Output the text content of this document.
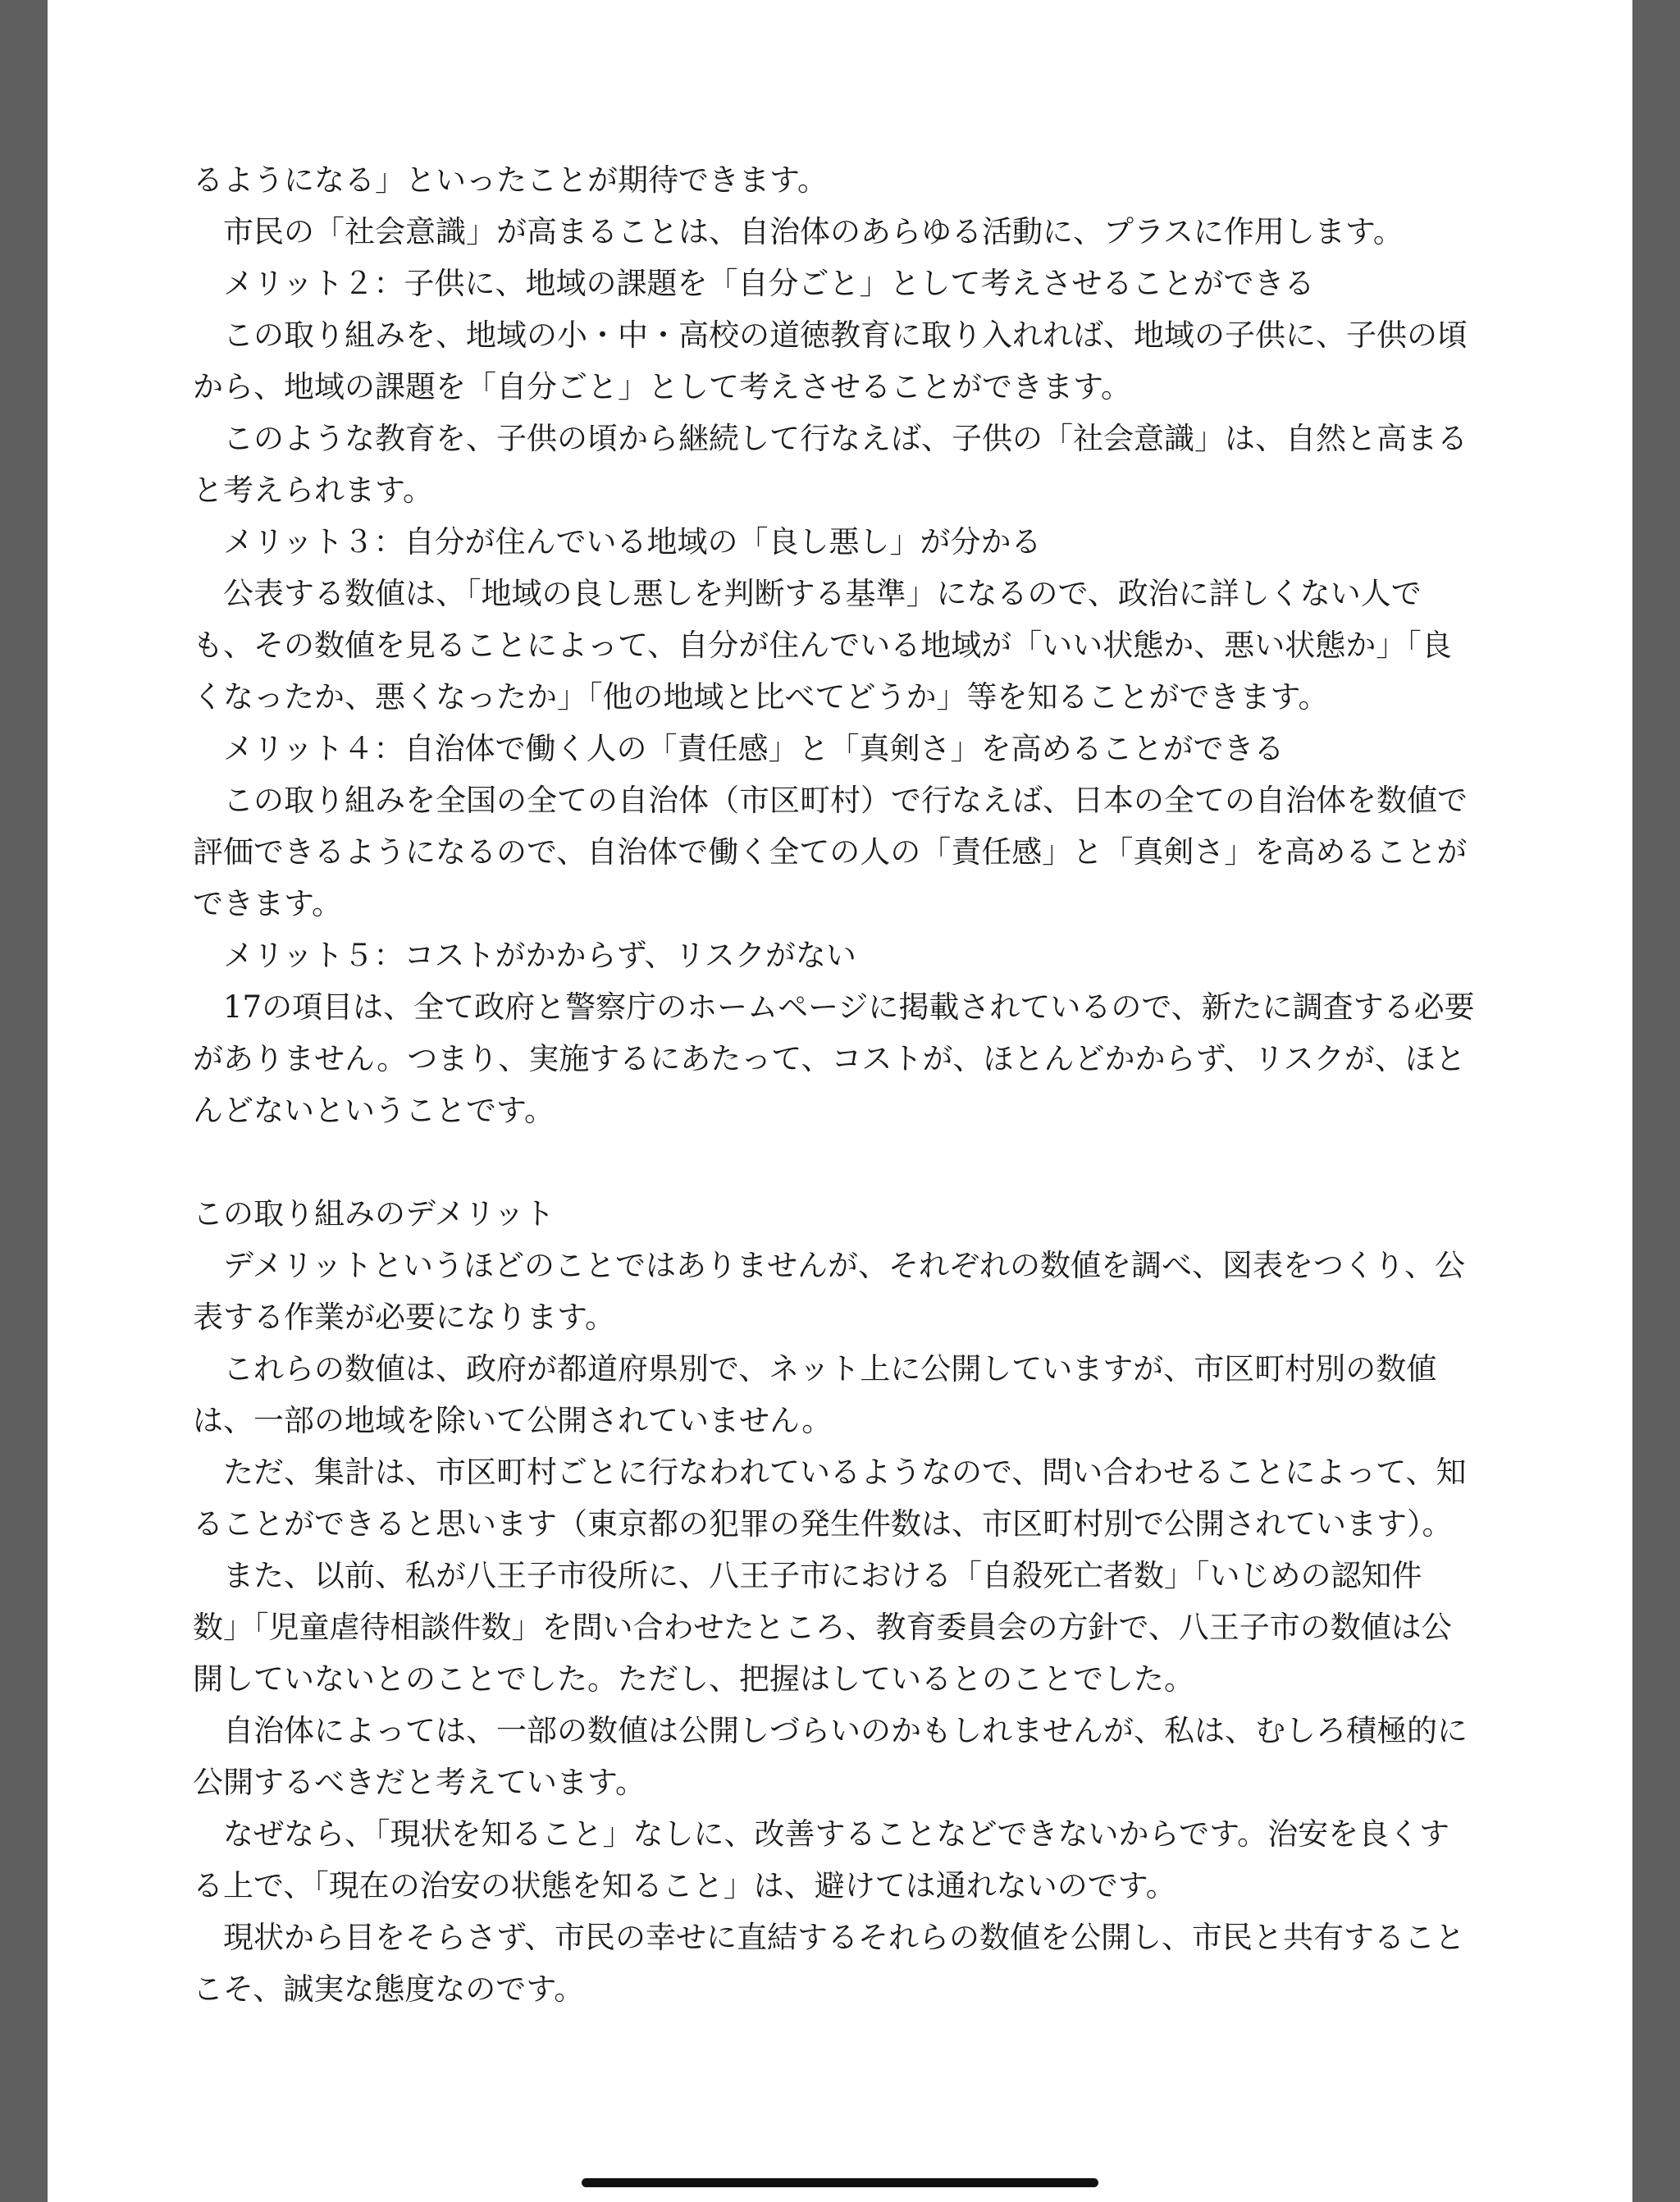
るようになる」といったことが期待できます。
　市民の「社会意識」が高まることは、自治体のあらゆる活動に、プラスに作用します。
　メリット２：子供に、地域の課題を「自分ごと」として考えさせることができる
　この取り組みを、地域の小・中・高校の道徳教育に取り入れれば、地域の子供に、子供の頃
から、地域の課題を「自分ごと」として考えさせることができます。
　このような教育を、子供の頃から継続して行なえば、子供の「社会意識」は、自然と高まる
と考えられます。
　メリット３：自分が住んでいる地域の「良し悪し」が分かる
　公表する数値は、「地域の良し悪しを判断する基準」になるので、政治に詳しくない人で
も、その数値を見ることによって、自分が住んでいる地域が「いい状態か、悪い状態か」「良
くなったか、悪くなったか」「他の地域と比べてどうか」等を知ることができます。
　メリット４：自治体で働く人の「責任感」と「真剣さ」を高めることができる
　この取り組みを全国の全ての自治体（市区町村）で行なえば、日本の全ての自治体を数値で
評価できるようになるので、自治体で働く全ての人の「責任感」と「真剣さ」を高めることが
できます。
　メリット５：コストがかからず、リスクがない
　17の項目は、全て政府と警察庁のホームページに掲載されているので、新たに調査する必要
がありません。つまり、実施するにあたって、コストが、ほとんどかからず、リスクが、ほと
んどないということです。
この取り組みのデメリット
　デメリットというほどのことではありませんが、それぞれの数値を調べ、図表をつくり、公
表する作業が必要になります。
　これらの数値は、政府が都道府県別で、ネット上に公開していますが、市区町村別の数値
は、一部の地域を除いて公開されていません。
　ただ、集計は、市区町村ごとに行なわれているようなので、問い合わせることによって、知
ることができると思います（東京都の犯罪の発生件数は、市区町村別で公開されています）。
　また、以前、私が八王子市役所に、八王子市における「自殺死亡者数」「いじめの認知件
数」「児童虐待相談件数」を問い合わせたところ、教育委員会の方針で、八王子市の数値は公
開していないとのことでした。ただし、把握はしているとのことでした。
　自治体によっては、一部の数値は公開しづらいのかもしれませんが、私は、むしろ積極的に
公開するべきだと考えています。
　なぜなら、「現状を知ること」なしに、改善することなどできないからです。治安を良くす
る上で、「現在の治安の状態を知ること」は、避けては通れないのです。
　現状から目をそらさず、市民の幸せに直結するそれらの数値を公開し、市民と共有すること
こそ、誠実な態度なのです。
